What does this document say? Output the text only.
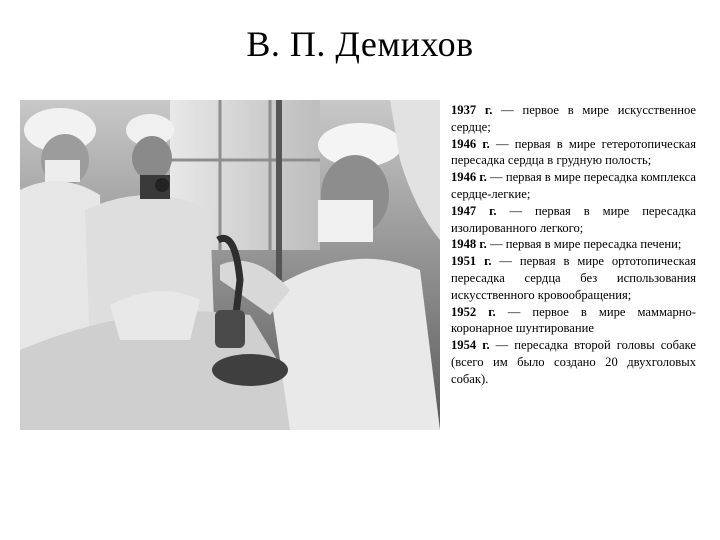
В. П. Демихов

1937 г. — первое в мире искусственное сердце;

1946 г. — первая в мире гетеротопическая пересадка сердца в грудную полость;

1946 г. — первая в мире пересадка комплекса сердце-легкие;

1947 г. — первая в мире пересадка изолированного легкого;

1948 г. — первая в мире пересадка печени;

1951 г. — первая в мире ортотопическая пересадка сердца без использования искусственного кровообращения;

1952 г. — первое в мире маммарно-коронарное шунтирование

1954 г. — пересадка второй головы собаке (всего им было создано 20 двухголовых собак).
